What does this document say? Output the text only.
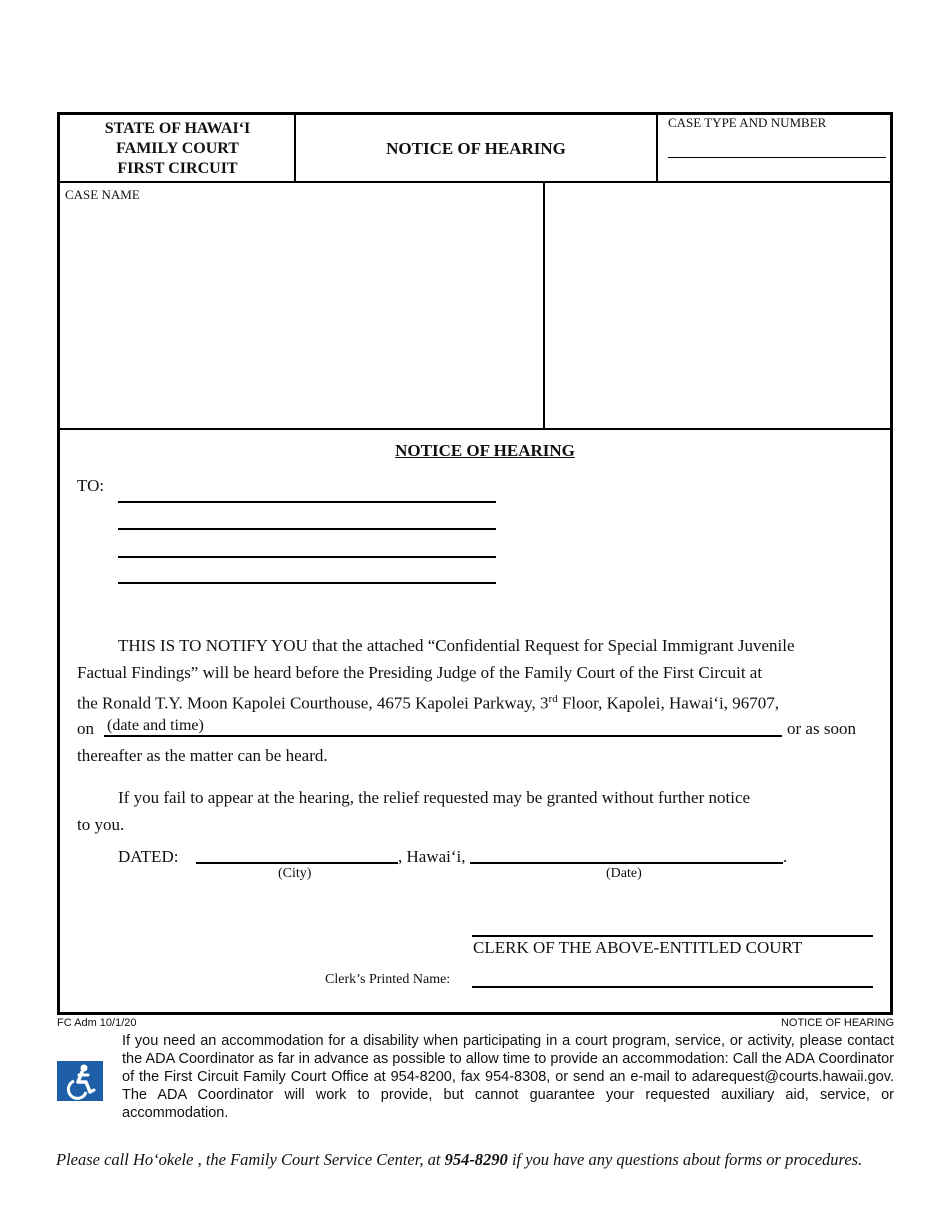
STATE OF HAWAI‘I
FAMILY COURT
FIRST CIRCUIT
NOTICE OF HEARING
CASE TYPE AND NUMBER
CASE NAME
NOTICE OF HEARING
TO:
THIS IS TO NOTIFY YOU that the attached “Confidential Request for Special Immigrant Juvenile
Factual Findings” will be heard before the Presiding Judge of the Family Court of the First Circuit at
the Ronald T.Y. Moon Kapolei Courthouse, 4675 Kapolei Parkway, 3rd Floor, Kapolei, Hawai‘i, 96707,
on (date and time)	or as soon
thereafter as the matter can be heard.
If you fail to appear at the hearing, the relief requested may be granted without further notice
to you.
DATED:	, Hawai‘i,	.
(City)	(Date)
CLERK OF THE ABOVE-ENTITLED COURT
Clerk’s Printed Name:
FC Adm 10/1/20	NOTICE OF HEARING
If you need an accommodation for a disability when participating in a court program, service, or activity, please contact the ADA Coordinator as far in advance as possible to allow time to provide an accommodation: Call the ADA Coordinator of the First Circuit Family Court Office at 954-8200, fax 954-8308, or send an e-mail to adarequest@courts.hawaii.gov. The ADA Coordinator will work to provide, but cannot guarantee your requested auxiliary aid, service, or accommodation.
Please call Ho‘okele , the Family Court Service Center, at 954-8290 if you have any questions about forms or procedures.
